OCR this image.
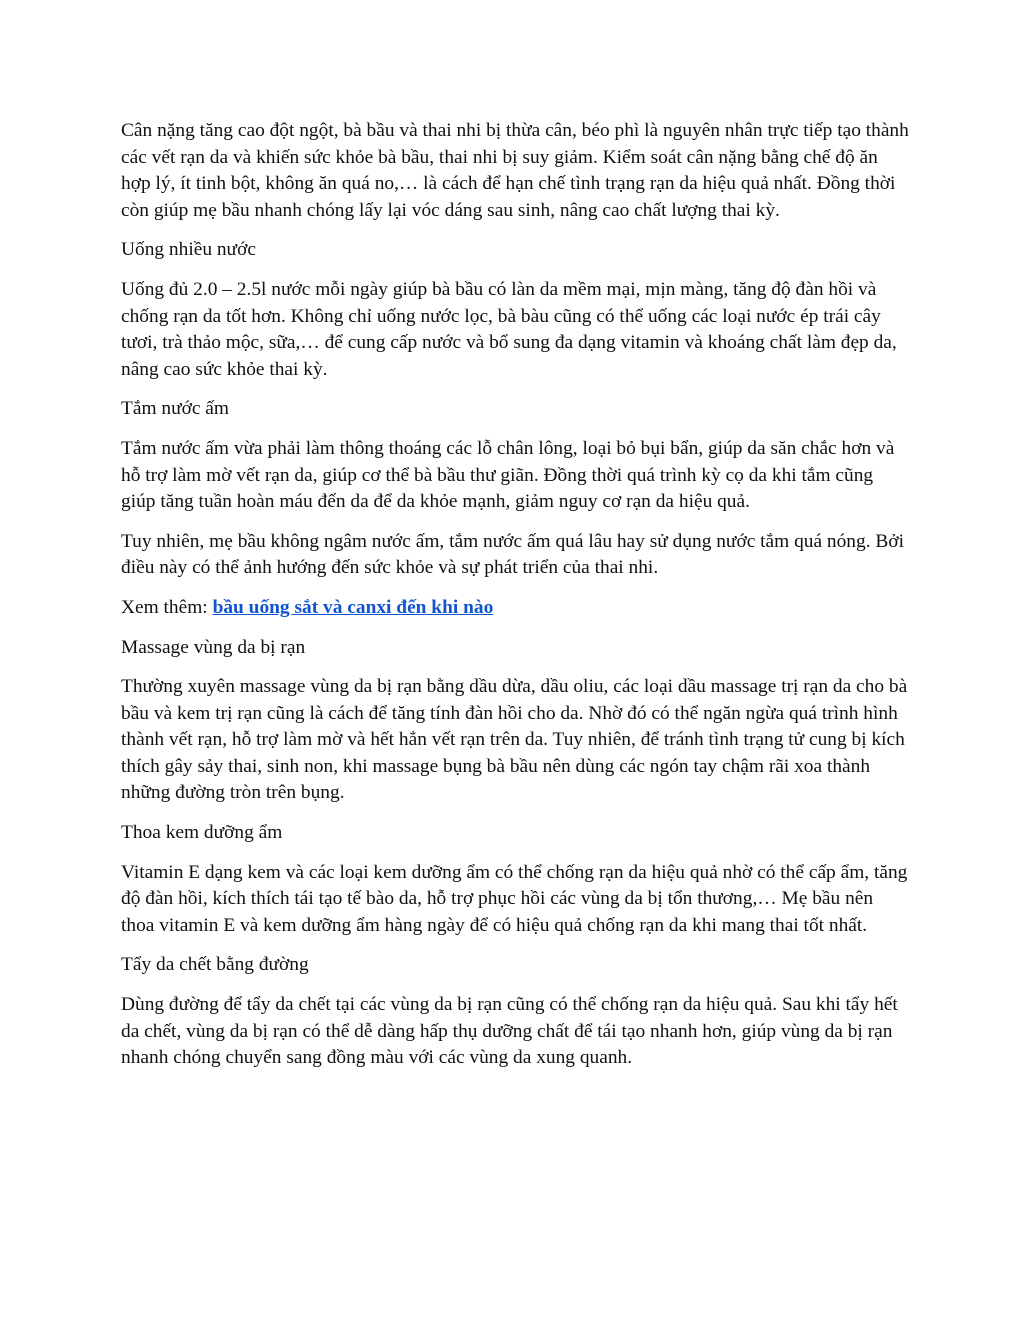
Cân nặng tăng cao đột ngột, bà bầu và thai nhi bị thừa cân, béo phì là nguyên nhân trực tiếp tạo thành các vết rạn da và khiến sức khỏe bà bầu, thai nhi bị suy giảm. Kiểm soát cân nặng bằng chế độ ăn hợp lý, ít tinh bột, không ăn quá no,… là cách để hạn chế tình trạng rạn da hiệu quả nhất. Đồng thời còn giúp mẹ bầu nhanh chóng lấy lại vóc dáng sau sinh, nâng cao chất lượng thai kỳ.

Uống nhiều nước

Uống đủ 2.0 – 2.5l nước mỗi ngày giúp bà bầu có làn da mềm mại, mịn màng, tăng độ đàn hồi và chống rạn da tốt hơn. Không chỉ uống nước lọc, bà bàu cũng có thể uống các loại nước ép trái cây tươi, trà thảo mộc, sữa,… để cung cấp nước và bổ sung đa dạng vitamin và khoáng chất làm đẹp da, nâng cao sức khỏe thai kỳ.

Tắm nước ấm

Tắm nước ấm vừa phải làm thông thoáng các lỗ chân lông, loại bỏ bụi bẩn, giúp da săn chắc hơn và hỗ trợ làm mờ vết rạn da, giúp cơ thể bà bầu thư giãn. Đồng thời quá trình kỳ cọ da khi tắm cũng giúp tăng tuần hoàn máu đến da để da khỏe mạnh, giảm nguy cơ rạn da hiệu quả.

Tuy nhiên, mẹ bầu không ngâm nước ấm, tắm nước ấm quá lâu hay sử dụng nước tắm quá nóng. Bởi điều này có thể ảnh hướng đến sức khỏe và sự phát triển của thai nhi.

Xem thêm: bầu uống sắt và canxi đến khi nào

Massage vùng da bị rạn

Thường xuyên massage vùng da bị rạn bằng dầu dừa, dầu oliu, các loại dầu massage trị rạn da cho bà bầu và kem trị rạn cũng là cách để tăng tính đàn hồi cho da. Nhờ đó có thể ngăn ngừa quá trình hình thành vết rạn, hỗ trợ làm mờ và hết hẳn vết rạn trên da. Tuy nhiên, để tránh tình trạng tử cung bị kích thích gây sảy thai, sinh non, khi massage bụng bà bầu nên dùng các ngón tay chậm rãi xoa thành những đường tròn trên bụng.

Thoa kem dưỡng ẩm

Vitamin E dạng kem và các loại kem dưỡng ẩm có thể chống rạn da hiệu quả nhờ có thể cấp ẩm, tăng độ đàn hồi, kích thích tái tạo tế bào da, hỗ trợ phục hồi các vùng da bị tổn thương,… Mẹ bầu nên thoa vitamin E và kem dưỡng ẩm hàng ngày để có hiệu quả chống rạn da khi mang thai tốt nhất.

Tẩy da chết bằng đường

Dùng đường để tẩy da chết tại các vùng da bị rạn cũng có thể chống rạn da hiệu quả. Sau khi tẩy hết da chết, vùng da bị rạn có thể dễ dàng hấp thụ dưỡng chất để tái tạo nhanh hơn, giúp vùng da bị rạn nhanh chóng chuyển sang đồng màu với các vùng da xung quanh.
